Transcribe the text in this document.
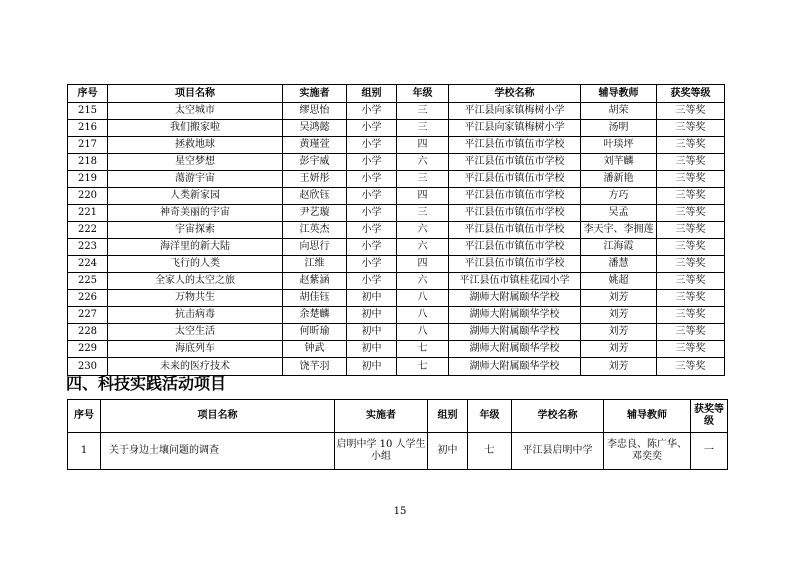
序号	项目名称	实施者	组别	年级	学校名称	辅导教师	获奖等级
215	太空城市	缪思怡	小学	三	平江县向家镇梅树小学	胡荣	三等奖
216	我们搬家啦	吴鸿懿	小学	三	平江县向家镇梅树小学	汤明	三等奖
217	拯救地球	黄瑾萱	小学	四	平江县伍市镇伍市学校	叶琰坪	三等奖
218	星空梦想	彭宇威	小学	六	平江县伍市镇伍市学校	刘芊麟	三等奖
219	蕩游宇宙	王妍彤	小学	三	平江县伍市镇伍市学校	潘新艳	三等奖
220	人类新家园	赵欣钰	小学	四	平江县伍市镇伍市学校	方巧	三等奖
221	神奇美丽的宇宙	尹艺璇	小学	三	平江县伍市镇伍市学校	吴孟	三等奖
222	宇宙探索	江英杰	小学	六	平江县伍市镇伍市学校	李天宇、李拥莲	三等奖
223	海洋里的新大陆	向思行	小学	六	平江县伍市镇伍市学校	江海霞	三等奖
224	飞行的人类	江维	小学	四	平江县伍市镇伍市学校	潘慧	三等奖
225	全家人的太空之旅	赵紫涵	小学	六	平江县伍市镇桂花园小学	姚超	三等奖
226	万物共生	胡佳钰	初中	八	湖师大附属颐华学校	刘芳	三等奖
227	抗击病毒	余楚麟	初中	八	湖师大附属颐华学校	刘芳	三等奖
228	太空生活	何昕瑜	初中	八	湖师大附属颐华学校	刘芳	三等奖
229	海底列车	钟武	初中	七	湖师大附属颐华学校	刘芳	三等奖
230	未来的医疗技术	饶芊羽	初中	七	湖师大附属颐华学校	刘芳	三等奖
四、科技实践活动项目
序号	项目名称	实施者	组别	年级	学校名称	辅导教师	获奖等级
1	关于身边土壤问题的调查	启明中学 10 人学生小组	初中	七	平江县启明中学	李忠良、陈广华、邓奕奕	一
15
